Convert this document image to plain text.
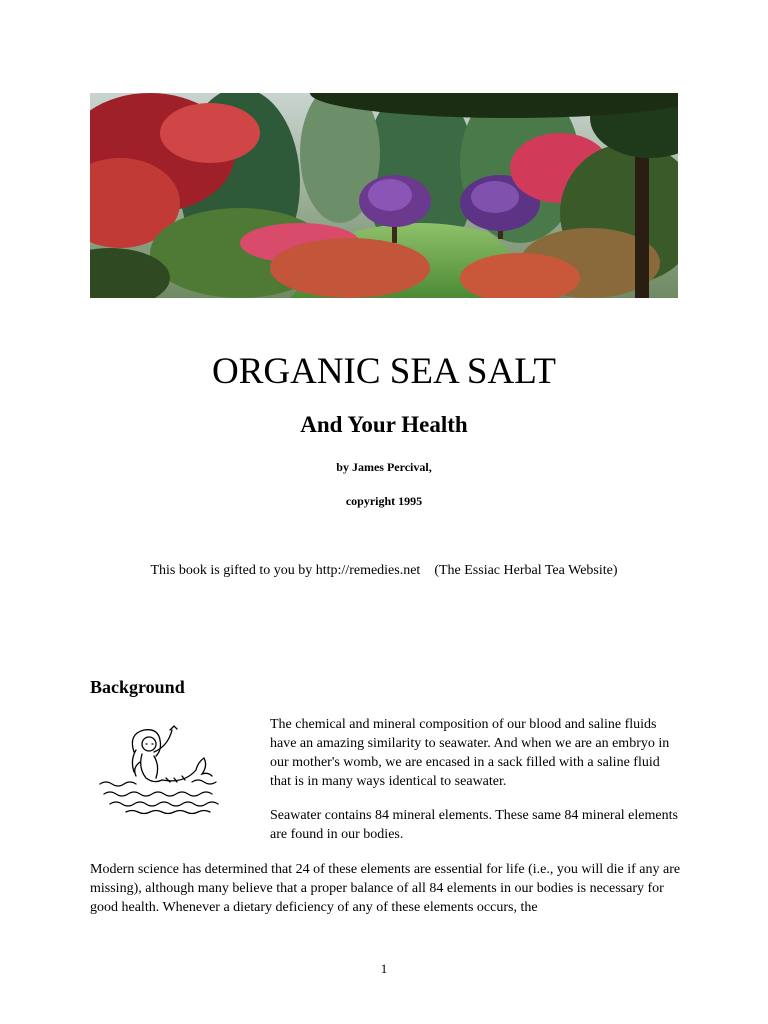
ORGANIC SEA SALT
And Your Health
by James Percival,
copyright 1995
This book is gifted to you by http://remedies.net    (The Essiac Herbal Tea Website)
Background

The chemical and mineral composition of our blood and saline fluids have an amazing similarity to seawater. And when we are an embryo in our mother's womb, we are encased in a sack filled with a saline fluid that is in many ways identical to seawater.

Seawater contains 84 mineral elements. These same 84 mineral elements are found in our bodies.

Modern science has determined that 24 of these elements are essential for life (i.e., you will die if any are missing), although many believe that a proper balance of all 84 elements in our bodies is necessary for good health. Whenever a dietary deficiency of any of these elements occurs, the

1
